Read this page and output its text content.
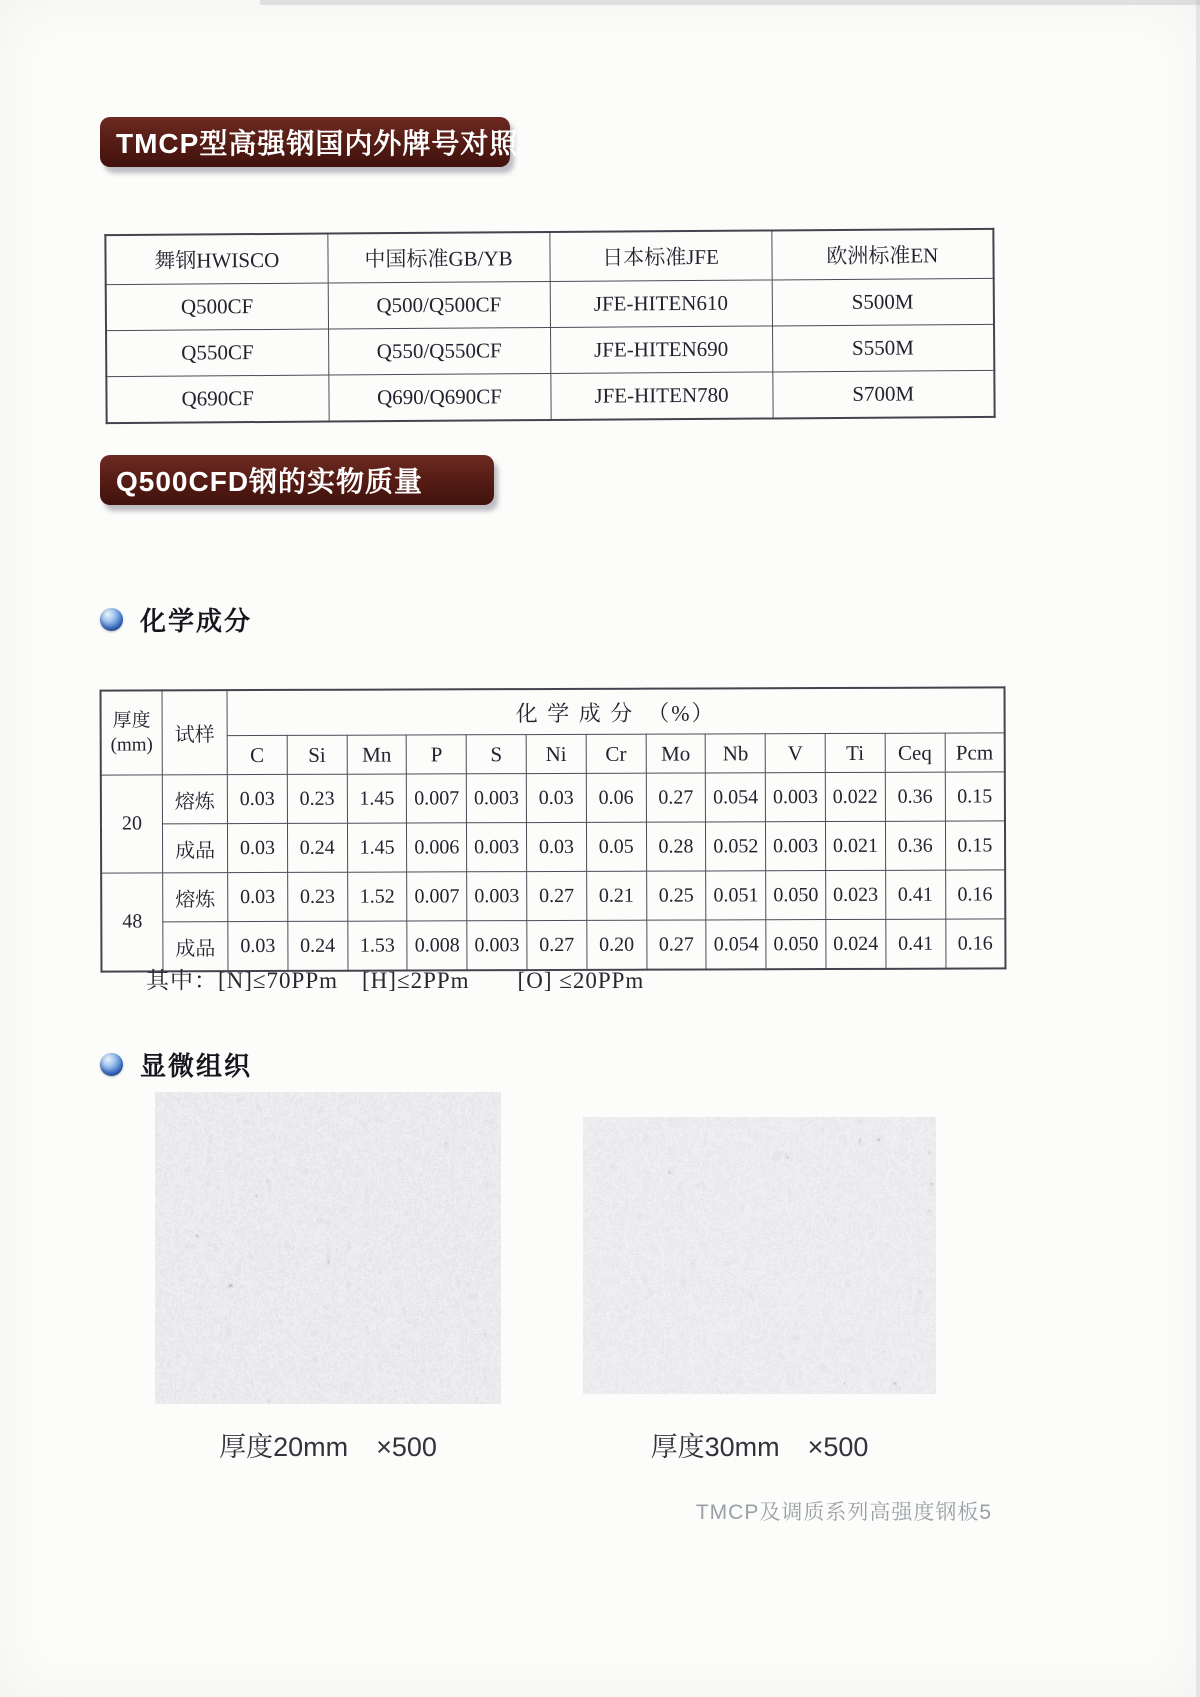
TMCP型高强钢国内外牌号对照
舞钢HWISCO	中国标准GB/YB	日本标准JFE	欧洲标准EN
Q500CF	Q500/Q500CF	JFE-HITEN610	S500M
Q550CF	Q550/Q550CF	JFE-HITEN690	S550M
Q690CF	Q690/Q690CF	JFE-HITEN780	S700M
Q500CFD钢的实物质量
化学成分
厚度
(mm)	试样	化 学 成 分　（%）												
		C	Si	Mn	P	S	Ni	Cr	Mo	Nb	V	Ti	Ceq	Pcm
20	熔炼	0.03	0.23	1.45	0.007	0.003	0.03	0.06	0.27	0.054	0.003	0.022	0.36	0.15
	成品	0.03	0.24	1.45	0.006	0.003	0.03	0.05	0.28	0.052	0.003	0.021	0.36	0.15
48	熔炼	0.03	0.23	1.52	0.007	0.003	0.27	0.21	0.25	0.051	0.050	0.023	0.41	0.16
	成品	0.03	0.24	1.53	0.008	0.003	0.27	0.20	0.27	0.054	0.050	0.024	0.41	0.16
其中：[N]≤70PPm　[H]≤2PPm　　[O] ≤20PPm
显微组织
厚度20mm ×500	厚度30mm ×500
TMCP及调质系列高强度钢板5
